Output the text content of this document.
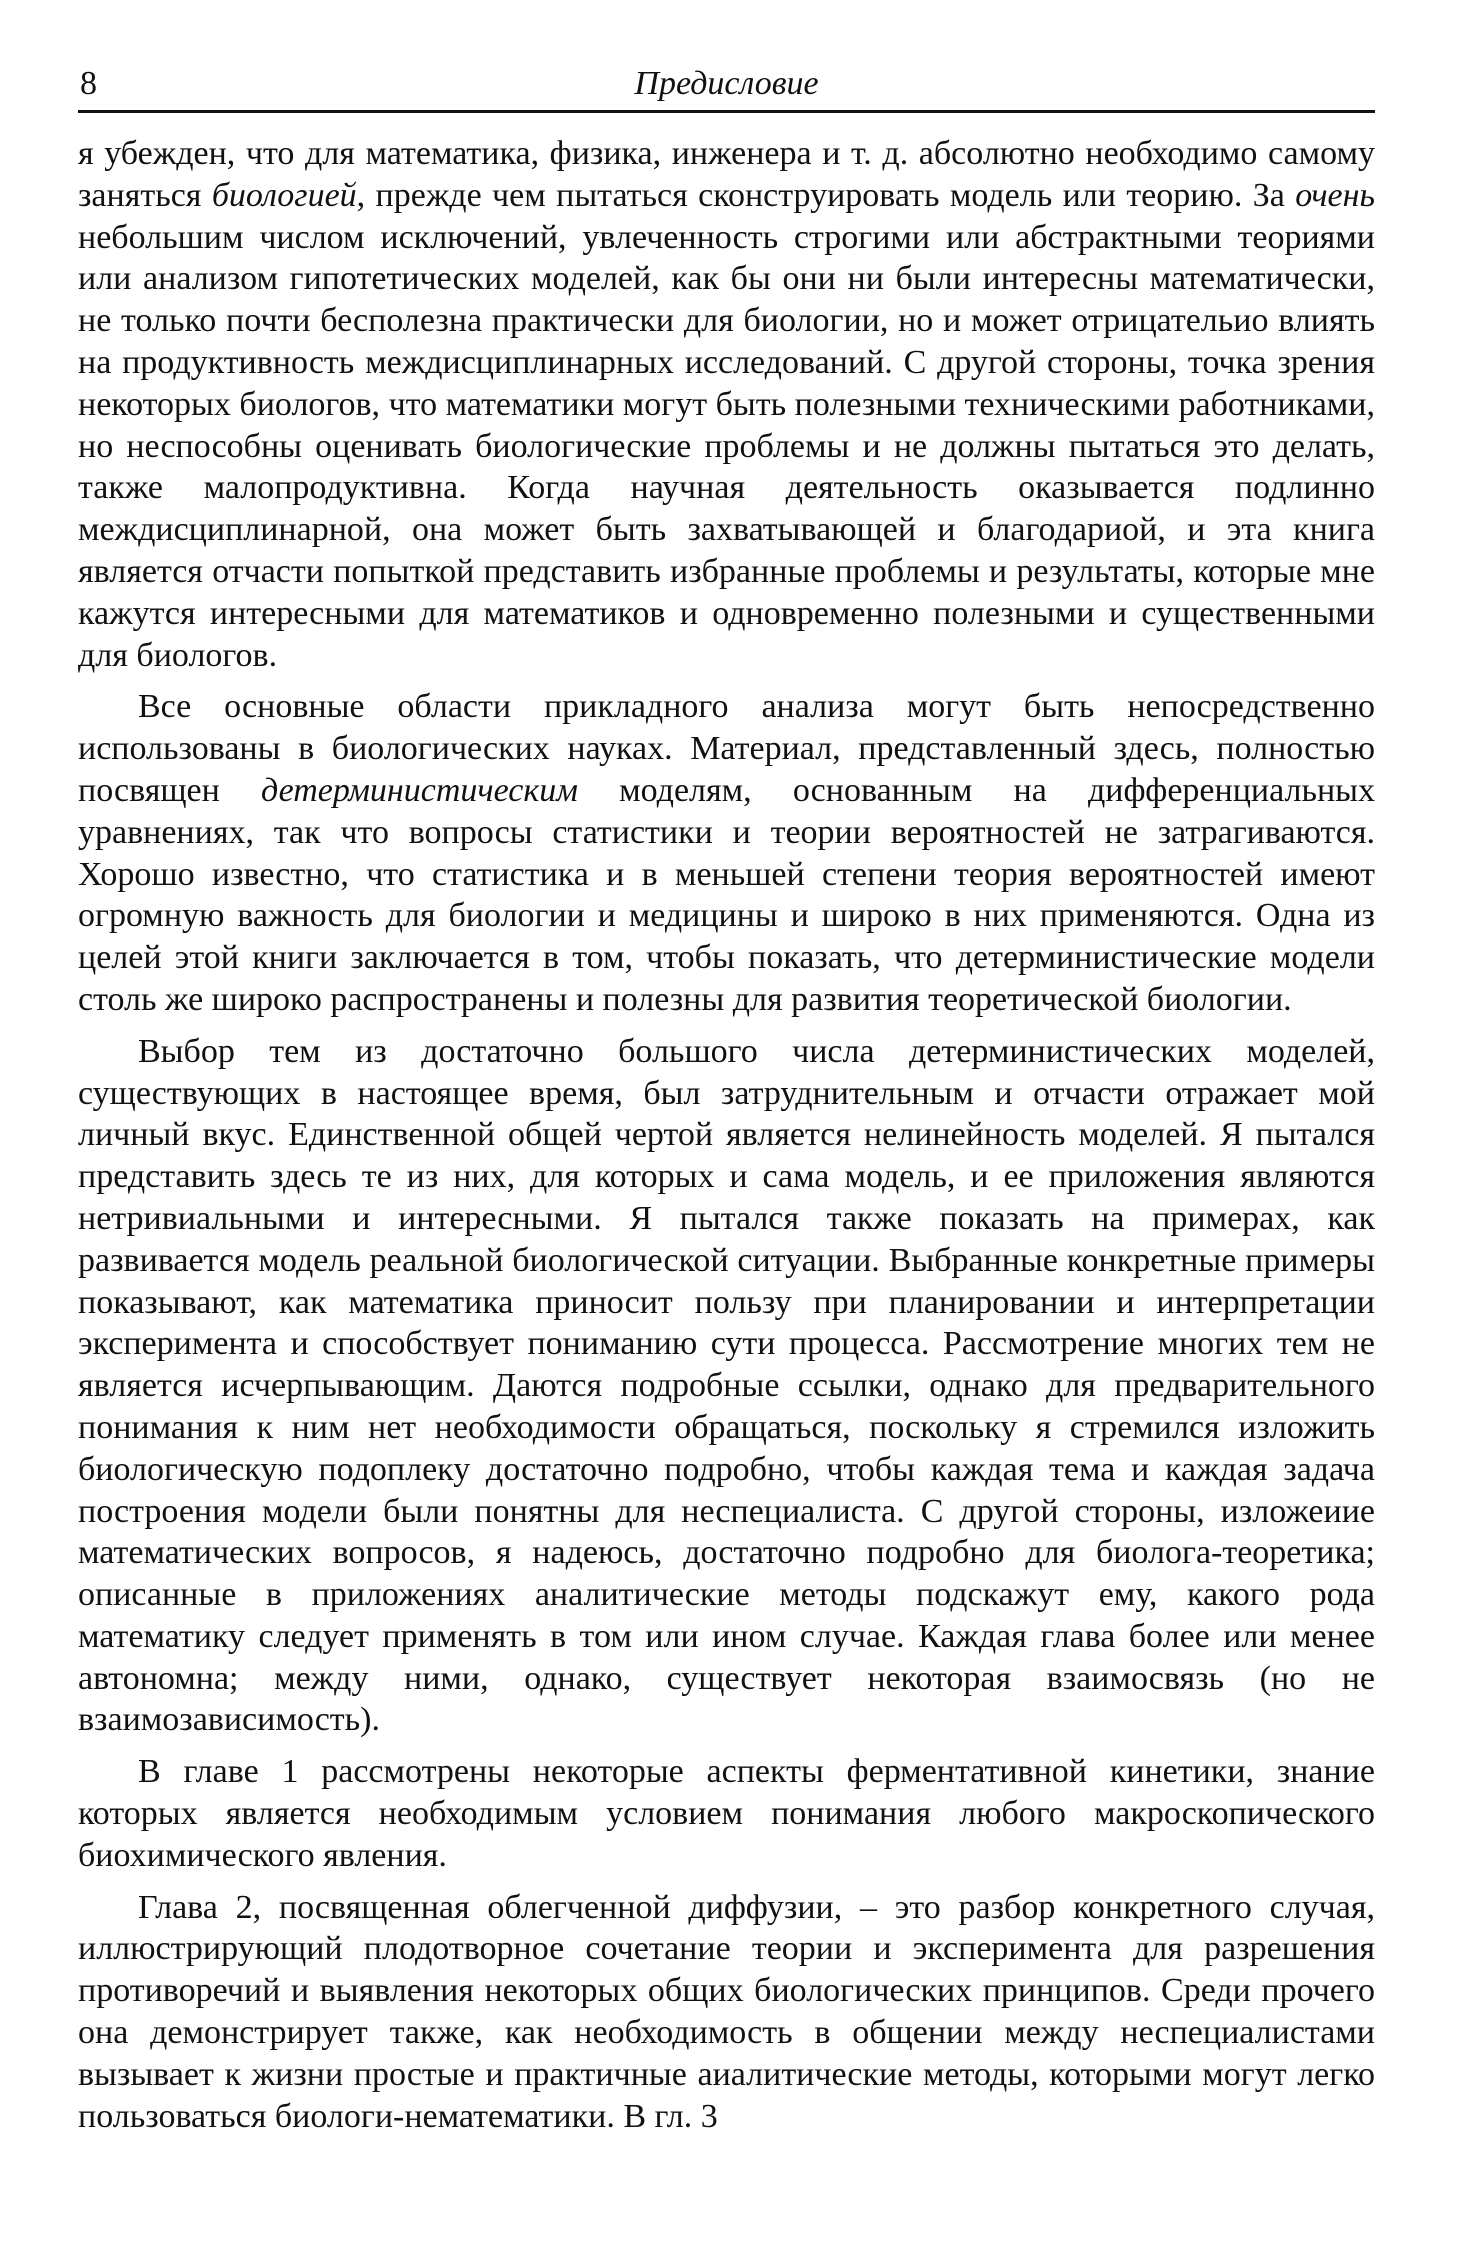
8	Предисловие

я убежден, что для математика, физика, инженера и т. д. абсолютно необходимо самому заняться биологией, прежде чем пытаться сконструировать модель или теорию. За очень небольшим числом исключений, увлеченность строгими или абстрактными теориями или анализом гипотетических моделей, как бы они ни были интересны математически, не только почти бесполезна практически для биологии, но и может отрицательио влиять на продуктивность междисциплинарных исследований. С другой стороны, точка зрения некоторых биологов, что математики могут быть полезными техническими работниками, но неспособны оценивать биологические проблемы и не должны пытаться это делать, также малопродуктивна. Когда научная деятельность оказывается подлинно междисциплинарной, она может быть захватывающей и благодариой, и эта книга является отчасти попыткой представить избранные проблемы и результаты, которые мне кажутся интересными для математиков и одновременно полезными и существенными для биологов.

Все основные области прикладного анализа могут быть непосредственно использованы в биологических науках. Материал, представленный здесь, полностью посвящен детерминистическим моделям, основанным на дифференциальных уравнениях, так что вопросы статистики и теории вероятностей не затрагиваются. Хорошо известно, что статистика и в меньшей степени теория вероятностей имеют огромную важность для биологии и медицины и широко в них применяются. Одна из целей этой книги заключается в том, чтобы показать, что детерминистические модели столь же широко распространены и полезны для развития теоретической биологии.

Выбор тем из достаточно большого числа детерминистических моделей, существующих в настоящее время, был затруднительным и отчасти отражает мой личный вкус. Единственной общей чертой является нелинейность моделей. Я пытался представить здесь те из них, для которых и сама модель, и ее приложения являются нетривиальными и интересными. Я пытался также показать на примерах, как развивается модель реальной биологической ситуации. Выбранные конкретные примеры показывают, как математика приносит пользу при планировании и интерпретации эксперимента и способствует пониманию сути процесса. Рассмотрение многих тем не является исчерпывающим. Даются подробные ссылки, однако для предварительного понимания к ним нет необходимости обращаться, поскольку я стремился изложить биологическую подоплеку достаточно подробно, чтобы каждая тема и каждая задача построения модели были понятны для неспециалиста. С другой стороны, изложеиие математических вопросов, я надеюсь, достаточно подробно для биолога-теоретика; описанные в приложениях аналитические методы подскажут ему, какого рода математику следует применять в том или ином случае. Каждая глава более или менее автономна; между ними, однако, существует некоторая взаимосвязь (но не взаимозависимость).

В главе 1 рассмотрены некоторые аспекты ферментативной кинетики, знание которых является необходимым условием понимания любого макроскопического биохимического явления.

Глава 2, посвященная облегченной диффузии, – это разбор конкретного случая, иллюстрирующий плодотворное сочетание теории и эксперимента для разрешения противоречий и выявления некоторых общих биологических принципов. Среди прочего она демонстрирует также, как необходимость в общении между неспециалистами вызывает к жизни простые и практичные аиалитические методы, которыми могут легко пользоваться биологи-нематематики. В гл. 3
